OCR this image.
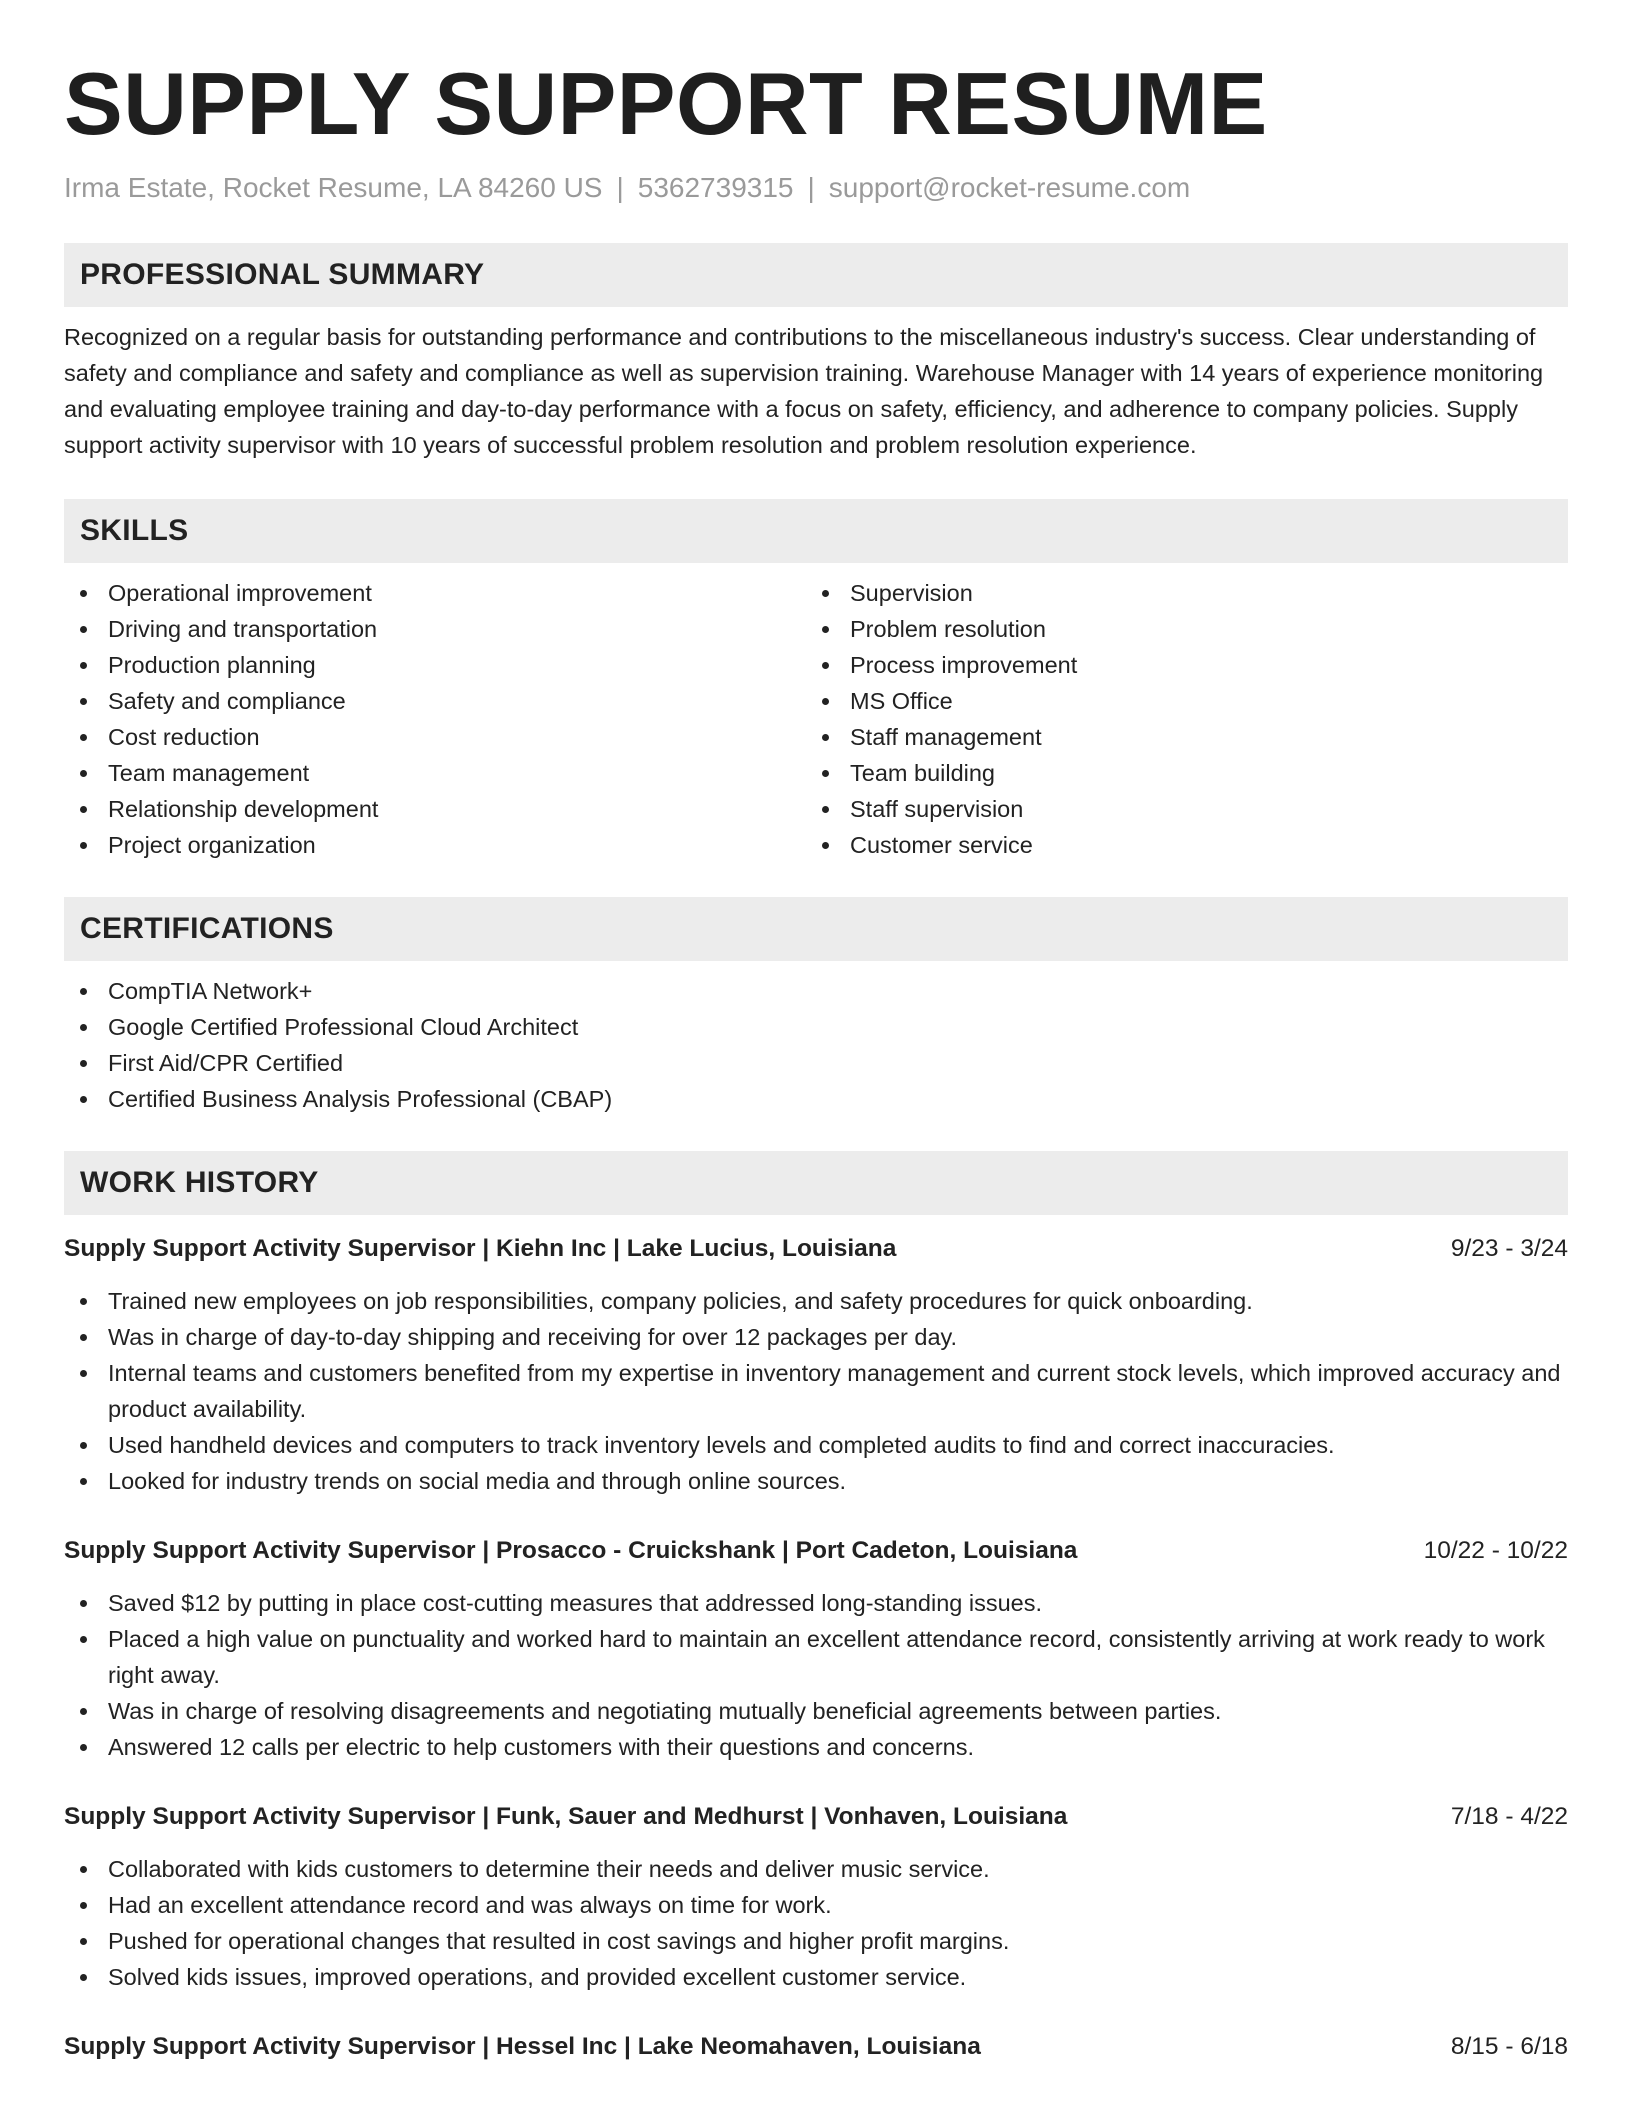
SUPPLY SUPPORT RESUME
Irma Estate, Rocket Resume, LA 84260 US | 5362739315 | support@rocket-resume.com
PROFESSIONAL SUMMARY

Recognized on a regular basis for outstanding performance and contributions to the miscellaneous industry's success. Clear understanding of safety and compliance and safety and compliance as well as supervision training. Warehouse Manager with 14 years of experience monitoring and evaluating employee training and day-to-day performance with a focus on safety, efficiency, and adherence to company policies. Supply support activity supervisor with 10 years of successful problem resolution and problem resolution experience.

SKILLS
Operational improvement
Driving and transportation
Production planning
Safety and compliance
Cost reduction
Team management
Relationship development
Project organization
Supervision
Problem resolution
Process improvement
MS Office
Staff management
Team building
Staff supervision
Customer service
CERTIFICATIONS
CompTIA Network+
Google Certified Professional Cloud Architect
First Aid/CPR Certified
Certified Business Analysis Professional (CBAP)
WORK HISTORY
Supply Support Activity Supervisor | Kiehn Inc | Lake Lucius, Louisiana	9/23 - 3/24
Trained new employees on job responsibilities, company policies, and safety procedures for quick onboarding.
Was in charge of day-to-day shipping and receiving for over 12 packages per day.
Internal teams and customers benefited from my expertise in inventory management and current stock levels, which improved accuracy and product availability.
Used handheld devices and computers to track inventory levels and completed audits to find and correct inaccuracies.
Looked for industry trends on social media and through online sources.
Supply Support Activity Supervisor | Prosacco - Cruickshank | Port Cadeton, Louisiana	10/22 - 10/22
Saved $12 by putting in place cost-cutting measures that addressed long-standing issues.
Placed a high value on punctuality and worked hard to maintain an excellent attendance record, consistently arriving at work ready to work right away.
Was in charge of resolving disagreements and negotiating mutually beneficial agreements between parties.
Answered 12 calls per electric to help customers with their questions and concerns.
Supply Support Activity Supervisor | Funk, Sauer and Medhurst | Vonhaven, Louisiana	7/18 - 4/22
Collaborated with kids customers to determine their needs and deliver music service.
Had an excellent attendance record and was always on time for work.
Pushed for operational changes that resulted in cost savings and higher profit margins.
Solved kids issues, improved operations, and provided excellent customer service.
Supply Support Activity Supervisor | Hessel Inc | Lake Neomahaven, Louisiana	8/15 - 6/18
